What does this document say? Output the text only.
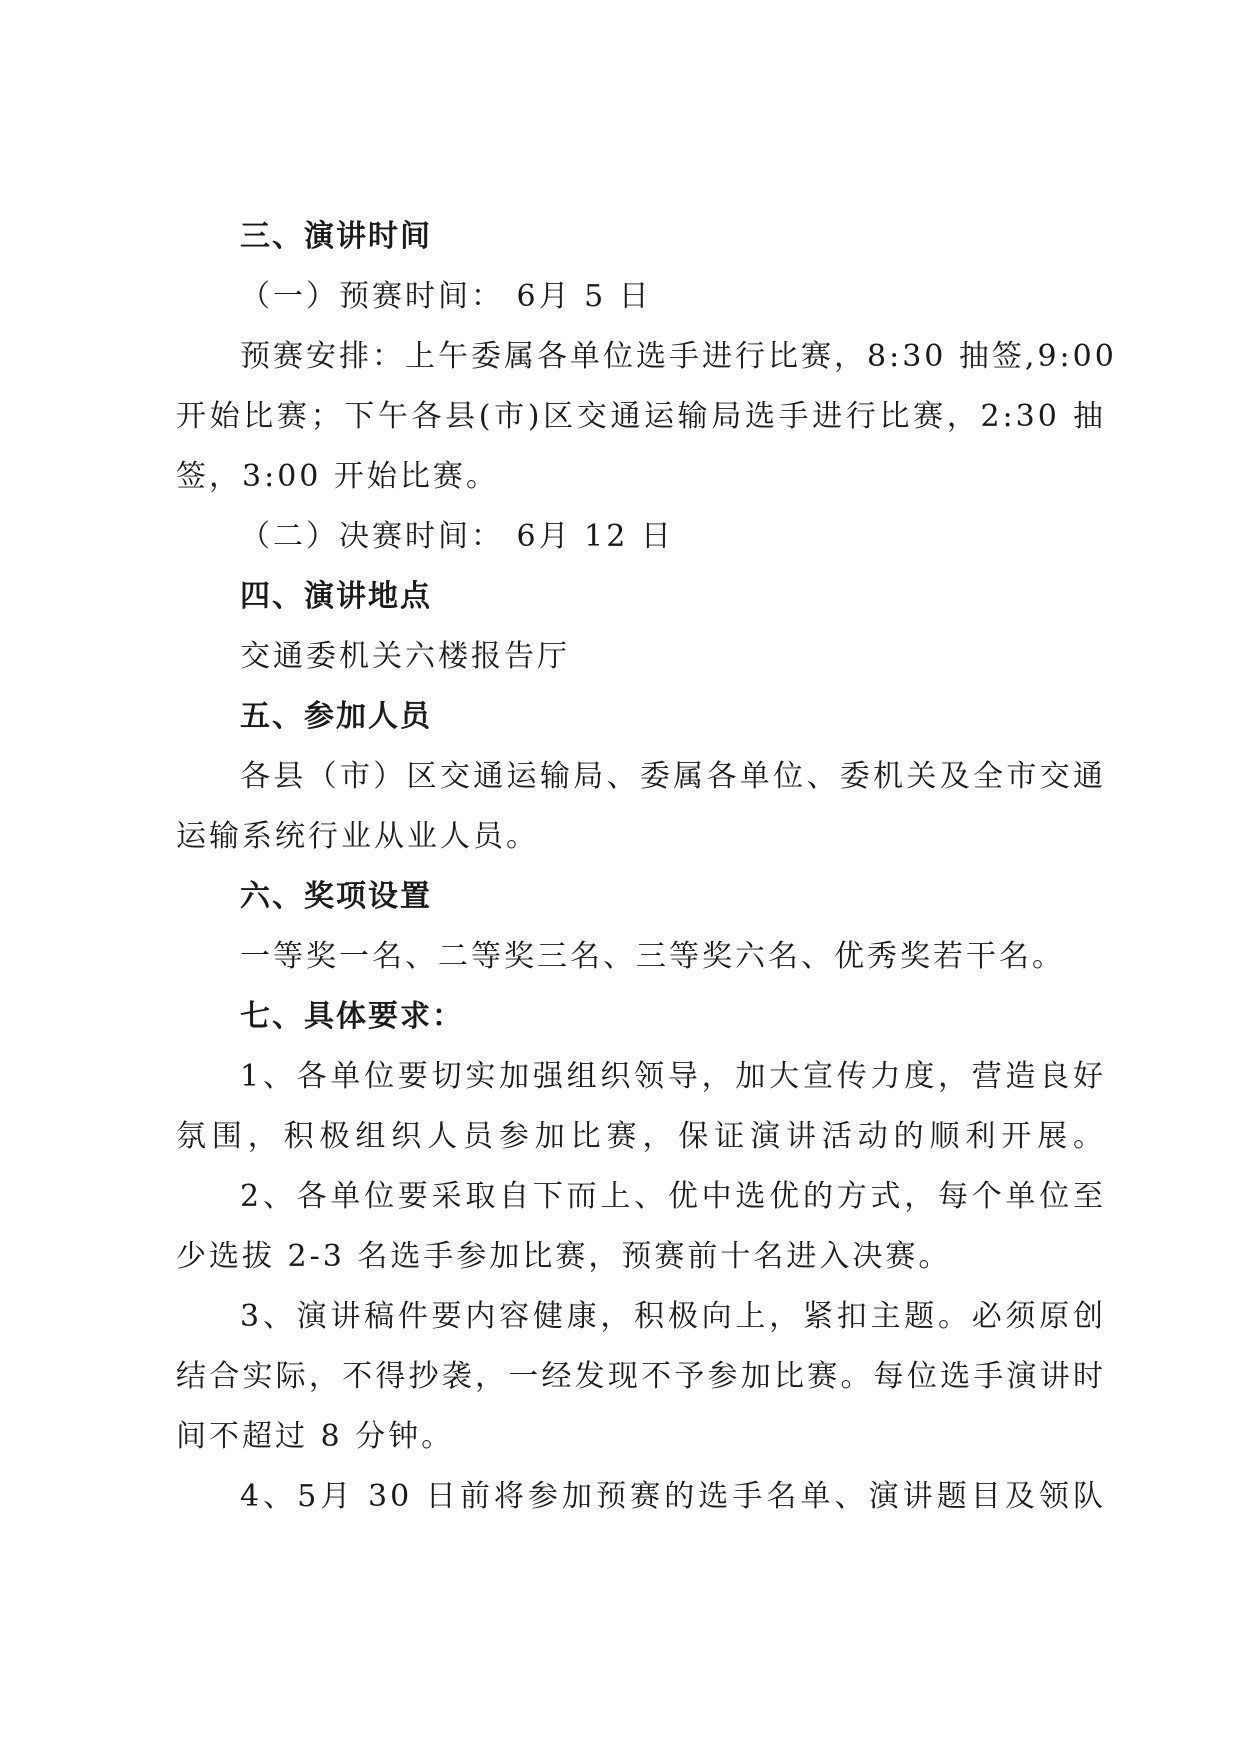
三、演讲时间
（一）预赛时间： 6月 5 日
预赛安排：上午委属各单位选手进行比赛，8:30 抽签,9:00
开始比赛；下午各县(市)区交通运输局选手进行比赛，2:30 抽
签，3:00 开始比赛。
（二）决赛时间： 6月 12 日
四、演讲地点
交通委机关六楼报告厅
五、参加人员
各县（市）区交通运输局、委属各单位、委机关及全市交通
运输系统行业从业人员。
六、奖项设置
一等奖一名、二等奖三名、三等奖六名、优秀奖若干名。
七、具体要求：
1、各单位要切实加强组织领导，加大宣传力度，营造良好
氛围，积极组织人员参加比赛，保证演讲活动的顺利开展。
2、各单位要采取自下而上、优中选优的方式，每个单位至
少选拔 2-3 名选手参加比赛，预赛前十名进入决赛。
3、演讲稿件要内容健康，积极向上，紧扣主题。必须原创
结合实际，不得抄袭，一经发现不予参加比赛。每位选手演讲时
间不超过 8 分钟。
4、5月 30 日前将参加预赛的选手名单、演讲题目及领队
